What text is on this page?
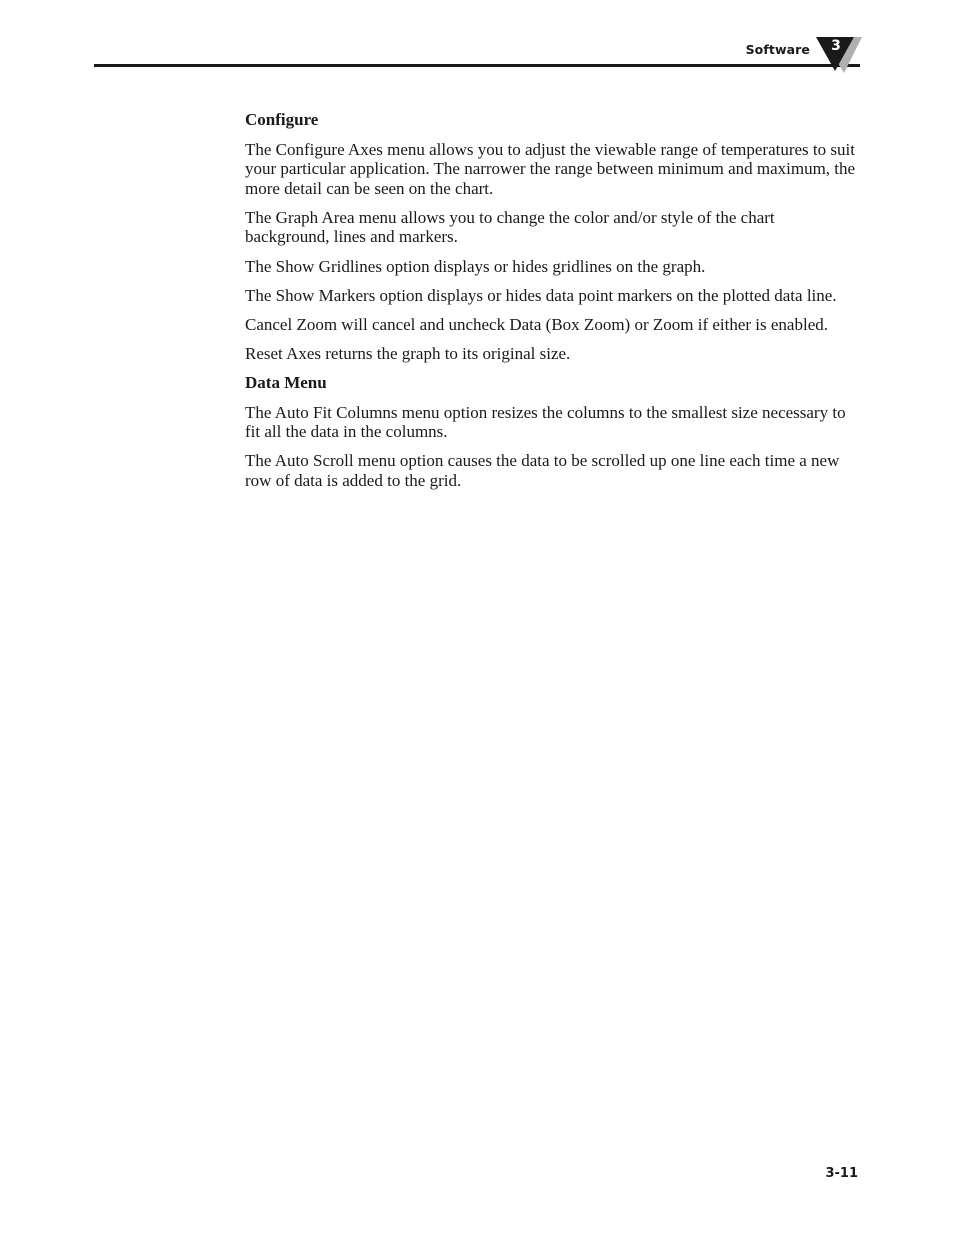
Software	3
Configure

The Configure Axes menu allows you to adjust the viewable range of temperatures to suit your particular application. The narrower the range between minimum and maximum, the more detail can be seen on the chart.

The Graph Area menu allows you to change the color and/or style of the chart background, lines and markers.

The Show Gridlines option displays or hides gridlines on the graph.

The Show Markers option displays or hides data point markers on the plotted data line.

Cancel Zoom will cancel and uncheck Data (Box Zoom) or Zoom if either is enabled.

Reset Axes returns the graph to its original size.

Data Menu

The Auto Fit Columns menu option resizes the columns to the smallest size necessary to fit all the data in the columns.

The Auto Scroll menu option causes the data to be scrolled up one line each time a new row of data is added to the grid.

3-11
